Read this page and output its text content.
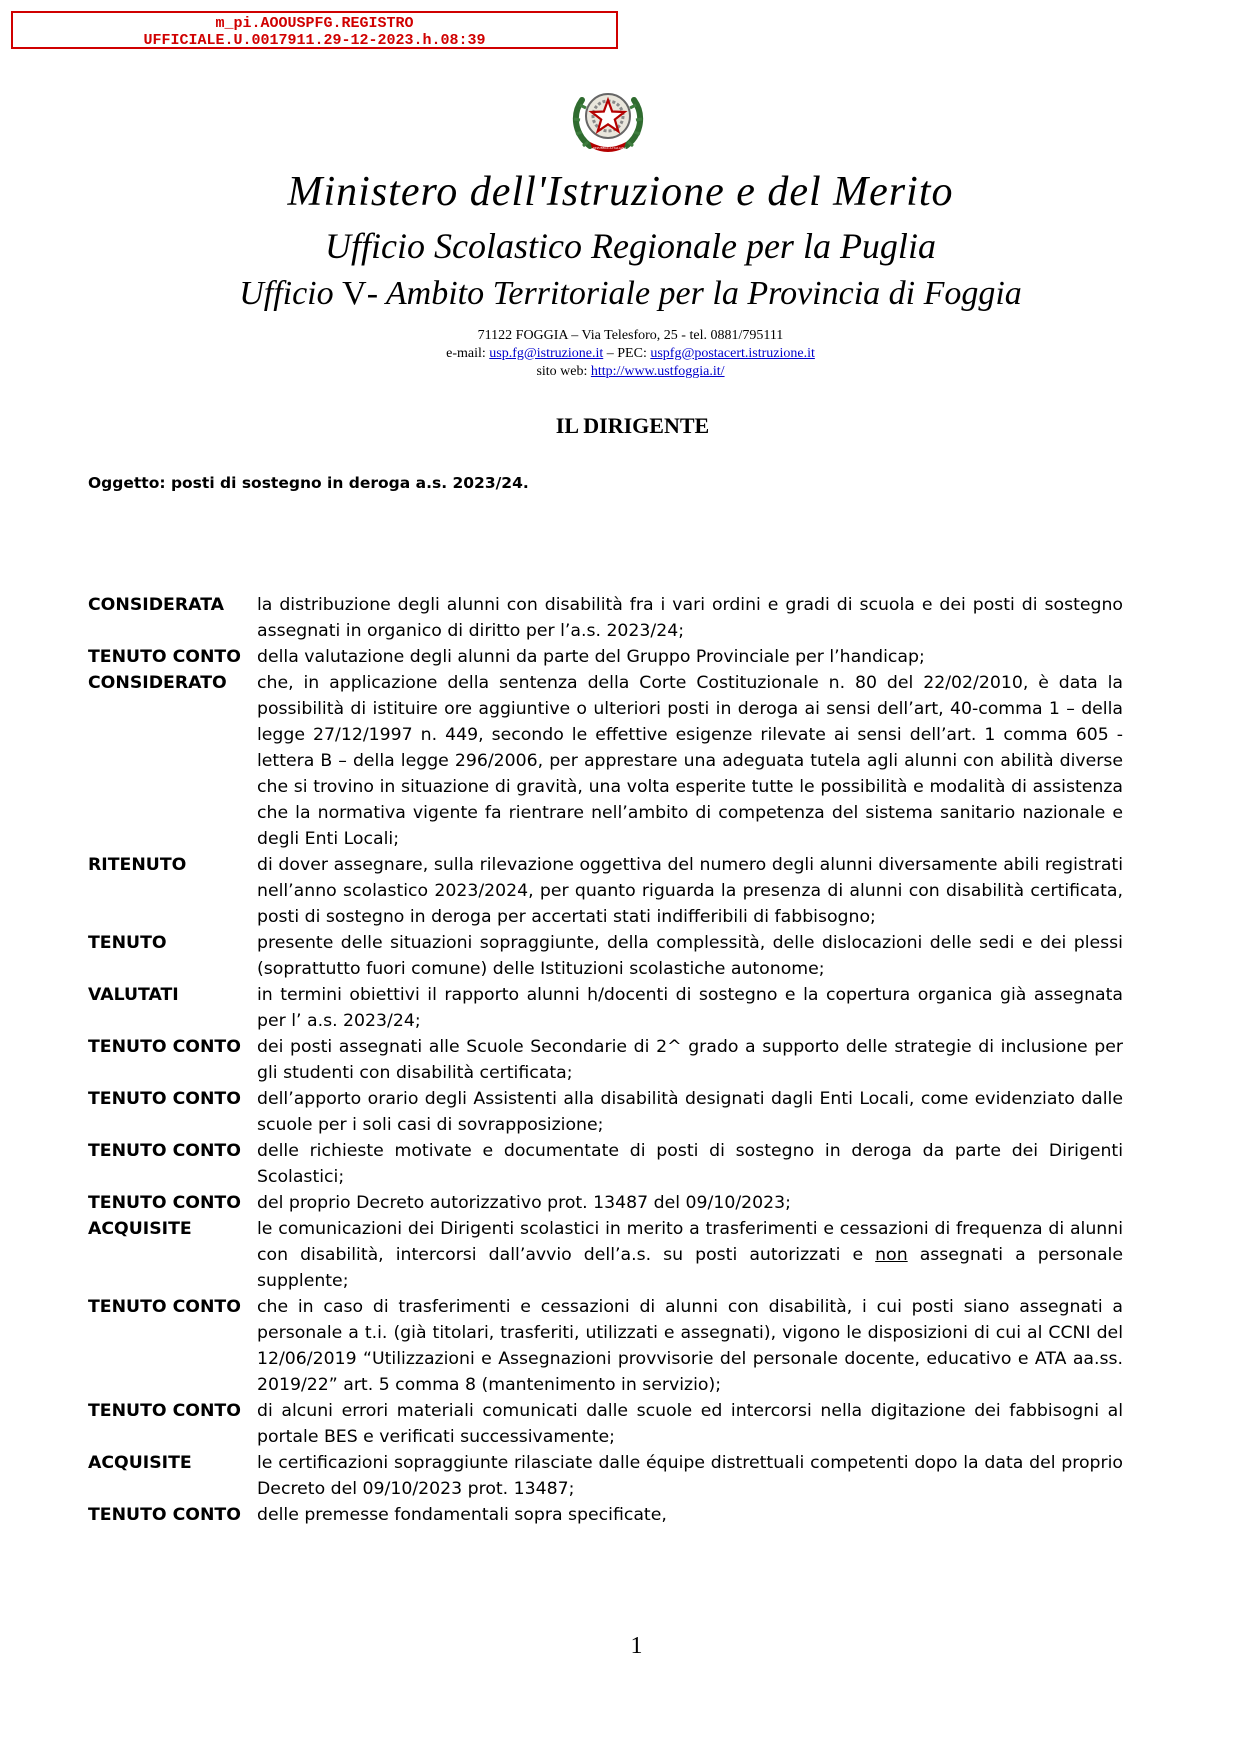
m_pi.AOOUSPFG.REGISTRO
UFFICIALE.U.0017911.29-12-2023.h.08:39
REPUBBLICA ITALIANA
Ministero dell'Istruzione e del Merito
Ufficio Scolastico Regionale per la Puglia
Ufficio V- Ambito Territoriale per la Provincia di Foggia
71122 FOGGIA – Via Telesforo, 25 - tel. 0881/795111
e-mail: usp.fg@istruzione.it – PEC: uspfg@postacert.istruzione.it
sito web: http://www.ustfoggia.it/
IL DIRIGENTE
Oggetto: posti di sostegno in deroga a.s. 2023/24.
CONSIDERATA la distribuzione degli alunni con disabilità fra i vari ordini e gradi di scuola e dei posti di sostegno assegnati in organico di diritto per l’a.s. 2023/24;
TENUTO CONTO della valutazione degli alunni da parte del Gruppo Provinciale per l’handicap;
CONSIDERATO che, in applicazione della sentenza della Corte Costituzionale n. 80 del 22/02/2010, è data la possibilità di istituire ore aggiuntive o ulteriori posti in deroga ai sensi dell’art, 40-comma 1 – della legge 27/12/1997 n. 449, secondo le effettive esigenze rilevate ai sensi dell’art. 1 comma 605 - lettera B – della legge 296/2006, per apprestare una adeguata tutela agli alunni con abilità diverse che si trovino in situazione di gravità, una volta esperite tutte le possibilità e modalità di assistenza che la normativa vigente fa rientrare nell’ambito di competenza del sistema sanitario nazionale e degli Enti Locali;
RITENUTO	di dover assegnare, sulla rilevazione oggettiva del numero degli alunni diversamente abili registrati nell’anno scolastico 2023/2024, per quanto riguarda la presenza di alunni con disabilità certificata, posti di sostegno in deroga per accertati stati indifferibili di fabbisogno;
TENUTO	presente delle situazioni sopraggiunte, della complessità, delle dislocazioni delle sedi e dei plessi (soprattutto fuori comune) delle Istituzioni scolastiche autonome;
VALUTATI	in termini obiettivi il rapporto alunni h/docenti di sostegno e la copertura organica già assegnata per l’ a.s. 2023/24;
TENUTO CONTO dei posti assegnati alle Scuole Secondarie di 2^ grado a supporto delle strategie di inclusione per gli studenti con disabilità certificata;
TENUTO CONTO dell’apporto orario degli Assistenti alla disabilità designati dagli Enti Locali, come evidenziato dalle scuole per i soli casi di sovrapposizione;
TENUTO CONTO delle richieste motivate e documentate di posti di sostegno in deroga da parte dei Dirigenti Scolastici;
TENUTO CONTO del proprio Decreto autorizzativo prot. 13487 del 09/10/2023;
ACQUISITE	le comunicazioni dei Dirigenti scolastici in merito a trasferimenti e cessazioni di frequenza di alunni con disabilità, intercorsi dall’avvio dell’a.s. su posti autorizzati e non assegnati a personale supplente;
TENUTO CONTO che in caso di trasferimenti e cessazioni di alunni con disabilità, i cui posti siano assegnati a personale a t.i. (già titolari, trasferiti, utilizzati e assegnati), vigono le disposizioni di cui al CCNI del 12/06/2019 “Utilizzazioni e Assegnazioni provvisorie del personale docente, educativo e ATA aa.ss. 2019/22” art. 5 comma 8 (mantenimento in servizio);
TENUTO CONTO di alcuni errori materiali comunicati dalle scuole ed intercorsi nella digitazione dei fabbisogni al portale BES e verificati successivamente;
ACQUISITE	le certificazioni sopraggiunte rilasciate dalle équipe distrettuali competenti dopo la data del proprio Decreto del 09/10/2023 prot. 13487;
TENUTO CONTO delle premesse fondamentali sopra specificate,
1
